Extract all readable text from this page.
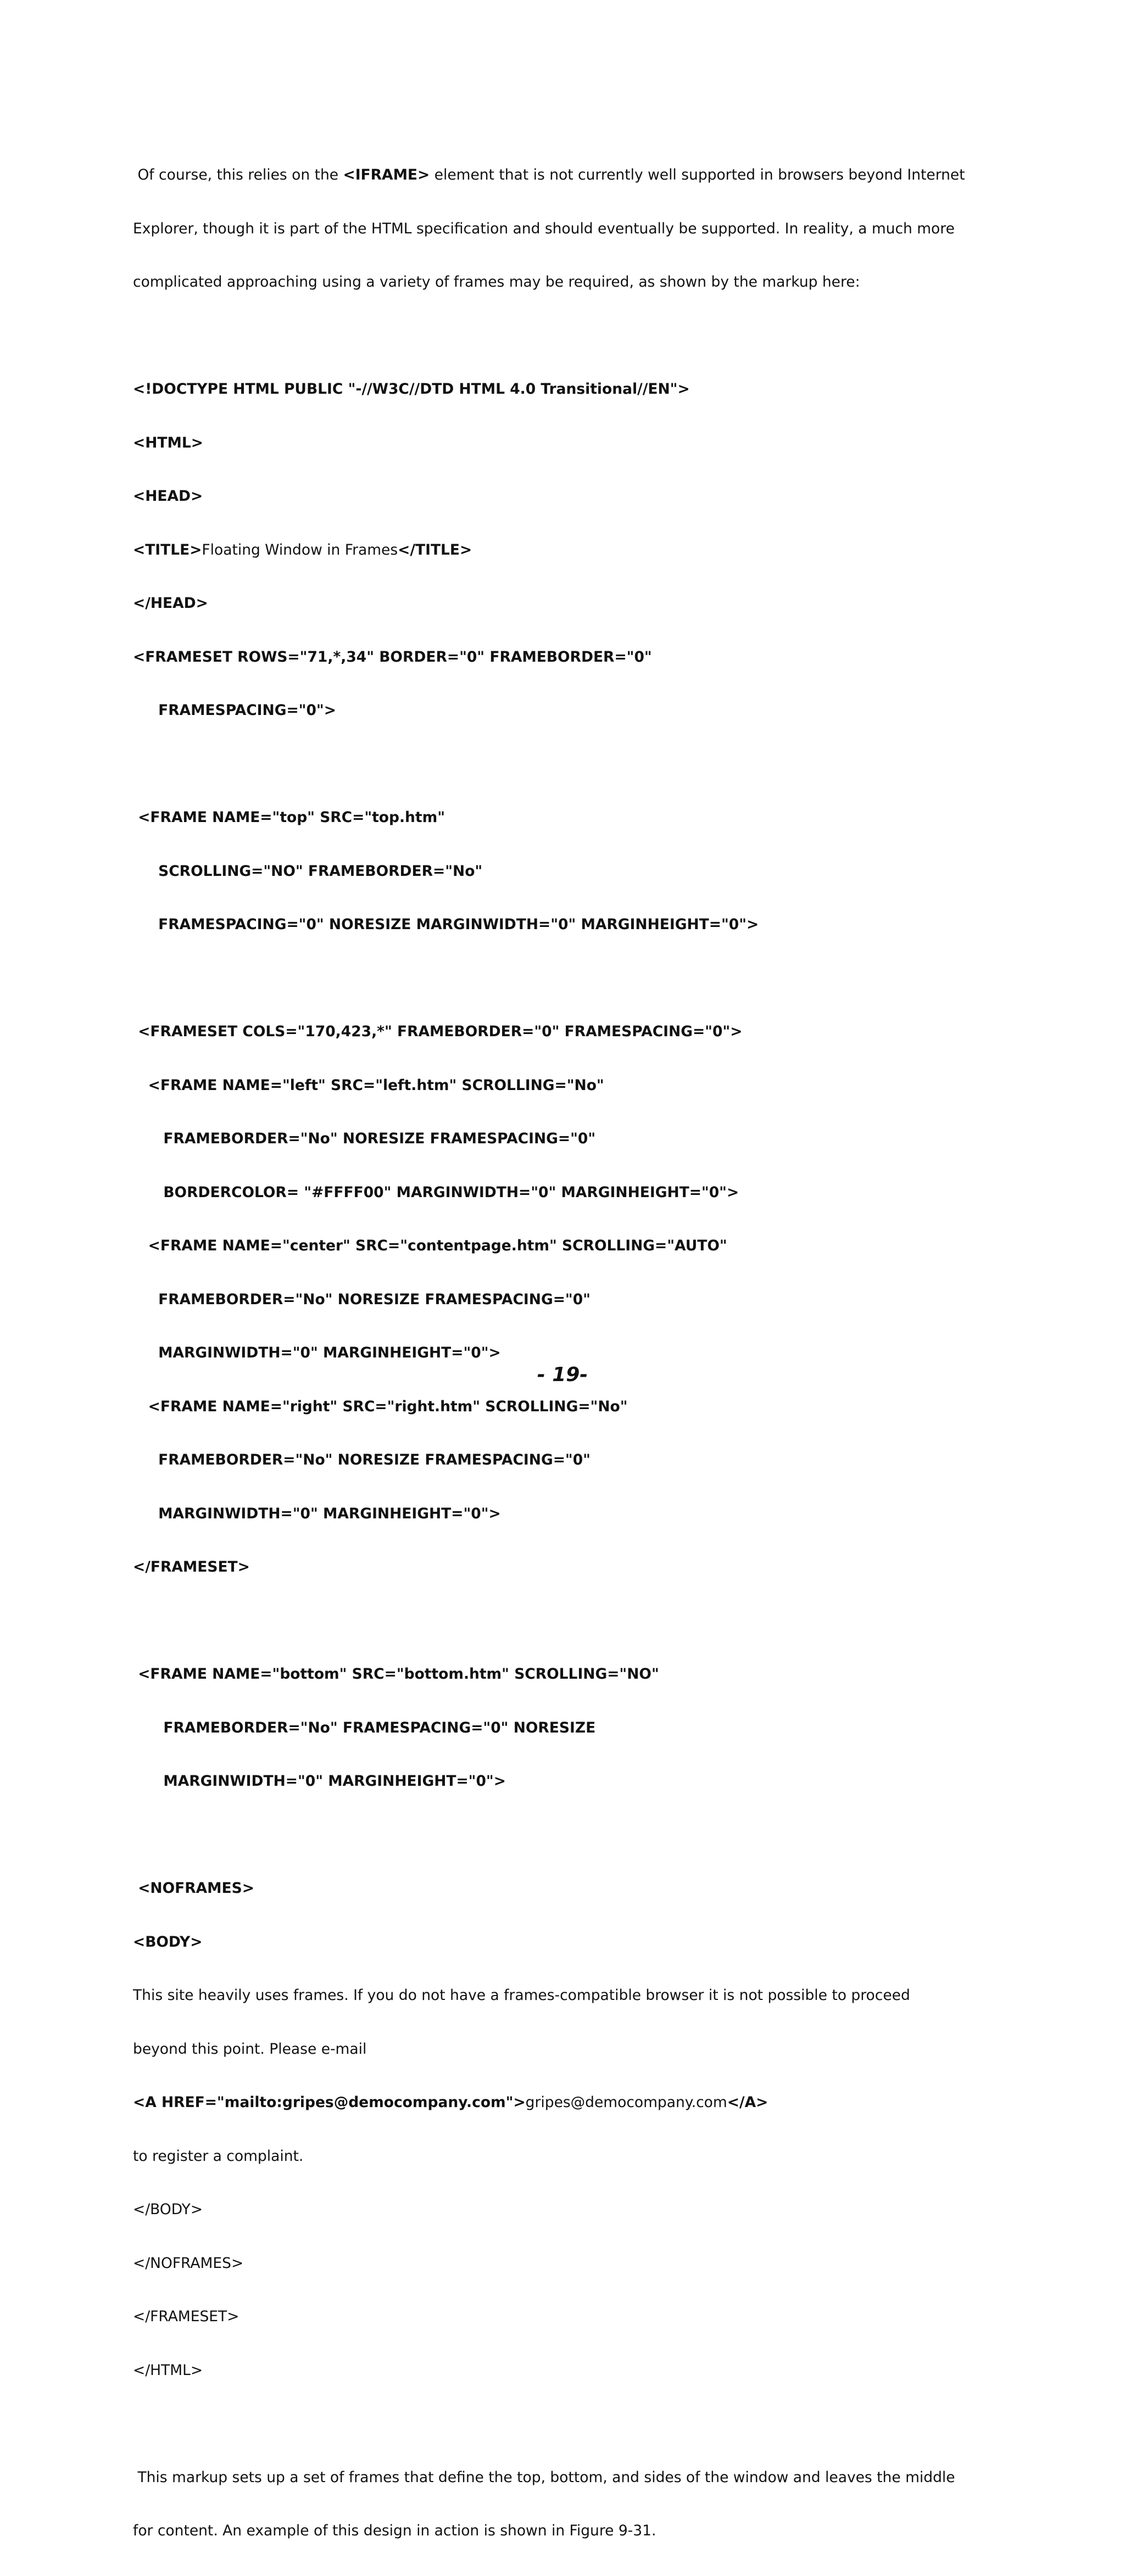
Of course, this relies on the <IFRAME> element that is not currently well supported in browsers beyond Internet

Explorer, though it is part of the HTML specification and should eventually be supported. In reality, a much more

complicated approaching using a variety of frames may be required, as shown by the markup here:

<!DOCTYPE HTML PUBLIC "-//W3C//DTD HTML 4.0 Transitional//EN">

<HTML>

<HEAD>

<TITLE>Floating Window in Frames</TITLE>

</HEAD>

<FRAMESET ROWS="71,*,34" BORDER="0" FRAMEBORDER="0"

FRAMESPACING="0">

<FRAME NAME="top" SRC="top.htm"

SCROLLING="NO" FRAMEBORDER="No"

FRAMESPACING="0" NORESIZE MARGINWIDTH="0" MARGINHEIGHT="0">

<FRAMESET COLS="170,423,*" FRAMEBORDER="0" FRAMESPACING="0">

<FRAME NAME="left" SRC="left.htm" SCROLLING="No"

FRAMEBORDER="No" NORESIZE FRAMESPACING="0"

BORDERCOLOR= "#FFFF00" MARGINWIDTH="0" MARGINHEIGHT="0">

<FRAME NAME="center" SRC="contentpage.htm" SCROLLING="AUTO"

FRAMEBORDER="No" NORESIZE FRAMESPACING="0"

MARGINWIDTH="0" MARGINHEIGHT="0">

<FRAME NAME="right" SRC="right.htm" SCROLLING="No"

FRAMEBORDER="No" NORESIZE FRAMESPACING="0"

MARGINWIDTH="0" MARGINHEIGHT="0">

</FRAMESET>

<FRAME NAME="bottom" SRC="bottom.htm" SCROLLING="NO"

FRAMEBORDER="No" FRAMESPACING="0" NORESIZE

MARGINWIDTH="0" MARGINHEIGHT="0">

<NOFRAMES>

<BODY>

This site heavily uses frames. If you do not have a frames-compatible browser it is not possible to proceed

beyond this point. Please e-mail

<A HREF="mailto:gripes@democompany.com">gripes@democompany.com</A>

to register a complaint.

</BODY>

</NOFRAMES>

</FRAMESET>

</HTML>

This markup sets up a set of frames that define the top, bottom, and sides of the window and leaves the middle

for content. An example of this design in action is shown in Figure 9-31.

- 19-
